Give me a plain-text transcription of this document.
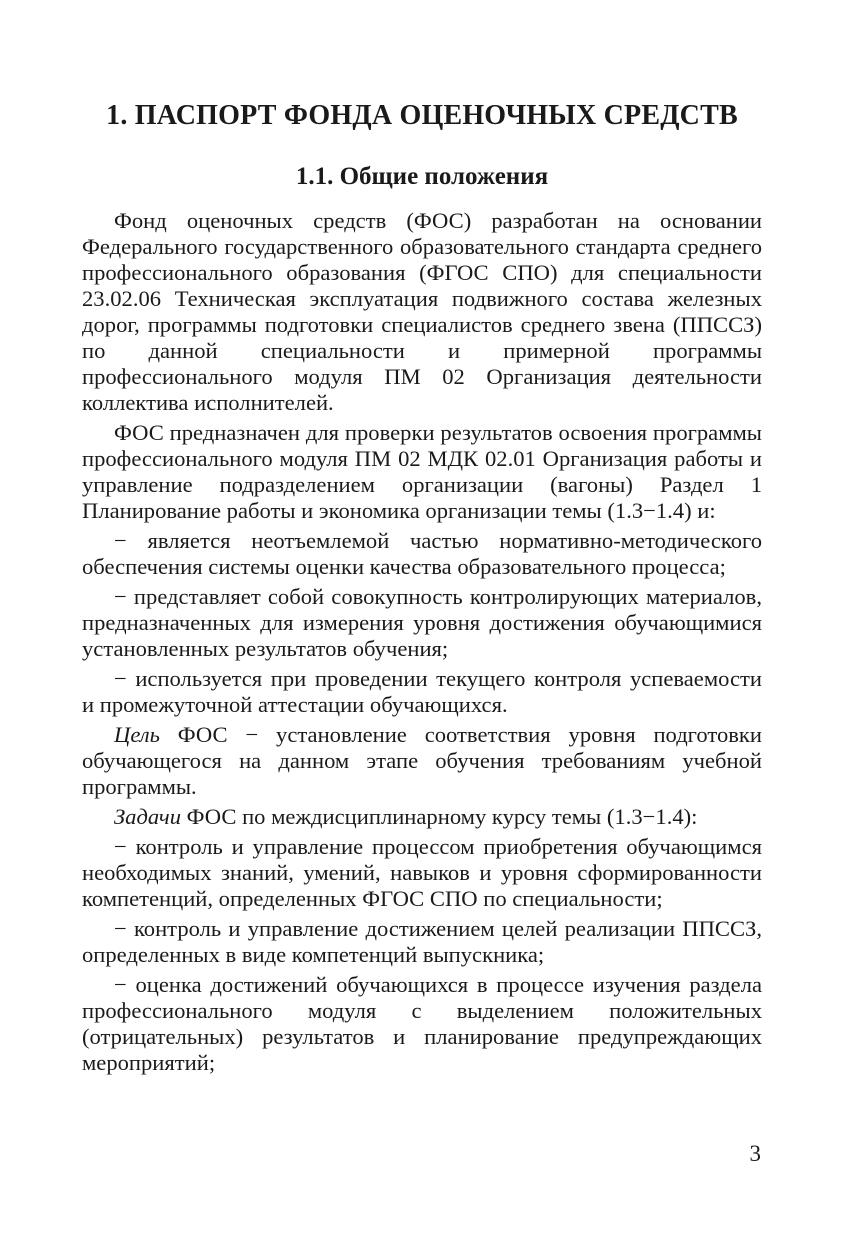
1. ПАСПОРТ ФОНДА ОЦЕНОЧНЫХ СРЕДСТВ
1.1. Общие положения

Фонд оценочных средств (ФОС) разработан на основании Федерального государственного образовательного стандарта среднего профессионального образования (ФГОС СПО) для специальности 23.02.06 Техническая эксплуатация подвижного состава железных дорог, программы подготовки специалистов среднего звена (ППССЗ) по данной специальности и примерной программы профессионального модуля ПМ 02 Организация деятельности коллектива исполнителей.

ФОС предназначен для проверки результатов освоения программы профессионального модуля ПМ 02 МДК 02.01 Организация работы и управление подразделением организации (вагоны) Раздел 1 Планирование работы и экономика организации темы (1.3−1.4) и:

− является неотъемлемой частью нормативно-методического обеспечения системы оценки качества образовательного процесса;

− представляет собой совокупность контролирующих материалов, предназначенных для измерения уровня достижения обучающимися установленных результатов обучения;

− используется при проведении текущего контроля успеваемости и промежуточной аттестации обучающихся.

Цель ФОС − установление соответствия уровня подготовки обучающегося на данном этапе обучения требованиям учебной программы.

Задачи ФОС по междисциплинарному курсу темы (1.3−1.4):

− контроль и управление процессом приобретения обучающимся необходимых знаний, умений, навыков и уровня сформированности компетенций, определенных ФГОС СПО по специальности;

− контроль и управление достижением целей реализации ППССЗ, определенных в виде компетенций выпускника;

− оценка достижений обучающихся в процессе изучения раздела профессионального модуля с выделением положительных (отрицательных) результатов и планирование предупреждающих мероприятий;

3
